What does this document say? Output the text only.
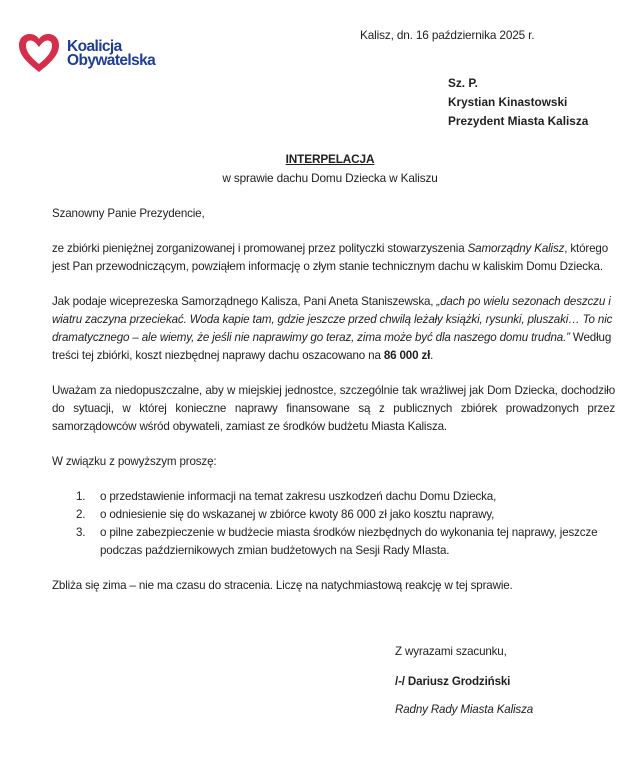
Koalicja
Obywatelska
Kalisz, dn. 16 października 2025 r.
Sz. P.
Krystian Kinastowski
Prezydent Miasta Kalisza
INTERPELACJA
w sprawie dachu Domu Dziecka w Kaliszu

Szanowny Panie Prezydencie,

ze zbiórki pieniężnej zorganizowanej i promowanej przez polityczki stowarzyszenia Samorządny Kalisz, którego jest Pan przewodniczącym, powziąłem informację o złym stanie technicznym dachu w kaliskim Domu Dziecka.

Jak podaje wiceprezeska Samorządnego Kalisza, Pani Aneta Staniszewska, „dach po wielu sezonach deszczu i wiatru zaczyna przeciekać. Woda kapie tam, gdzie jeszcze przed chwilą leżały książki, rysunki, pluszaki… To nic dramatycznego – ale wiemy, że jeśli nie naprawimy go teraz, zima może być dla naszego domu trudna.” Według treści tej zbiórki, koszt niezbędnej naprawy dachu oszacowano na 86 000 zł.

Uważam za niedopuszczalne, aby w miejskiej jednostce, szczególnie tak wrażliwej jak Dom Dziecka, dochodziło do sytuacji, w której konieczne naprawy finansowane są z publicznych zbiórek prowadzonych przez samorządowców wśród obywateli, zamiast ze środków budżetu Miasta Kalisza.

W związku z powyższym proszę:

1.	o przedstawienie informacji na temat zakresu uszkodzeń dachu Domu Dziecka,
2.	o odniesienie się do wskazanej w zbiórce kwoty 86 000 zł jako kosztu naprawy,
3.	o pilne zabezpieczenie w budżecie miasta środków niezbędnych do wykonania tej naprawy, jeszcze podczas październikowych zmian budżetowych na Sesji Rady MIasta.

Zbliża się zima – nie ma czasu do stracenia. Liczę na natychmiastową reakcję w tej sprawie.

Z wyrazami szacunku,
/-/ Dariusz Grodziński
Radny Rady Miasta Kalisza
